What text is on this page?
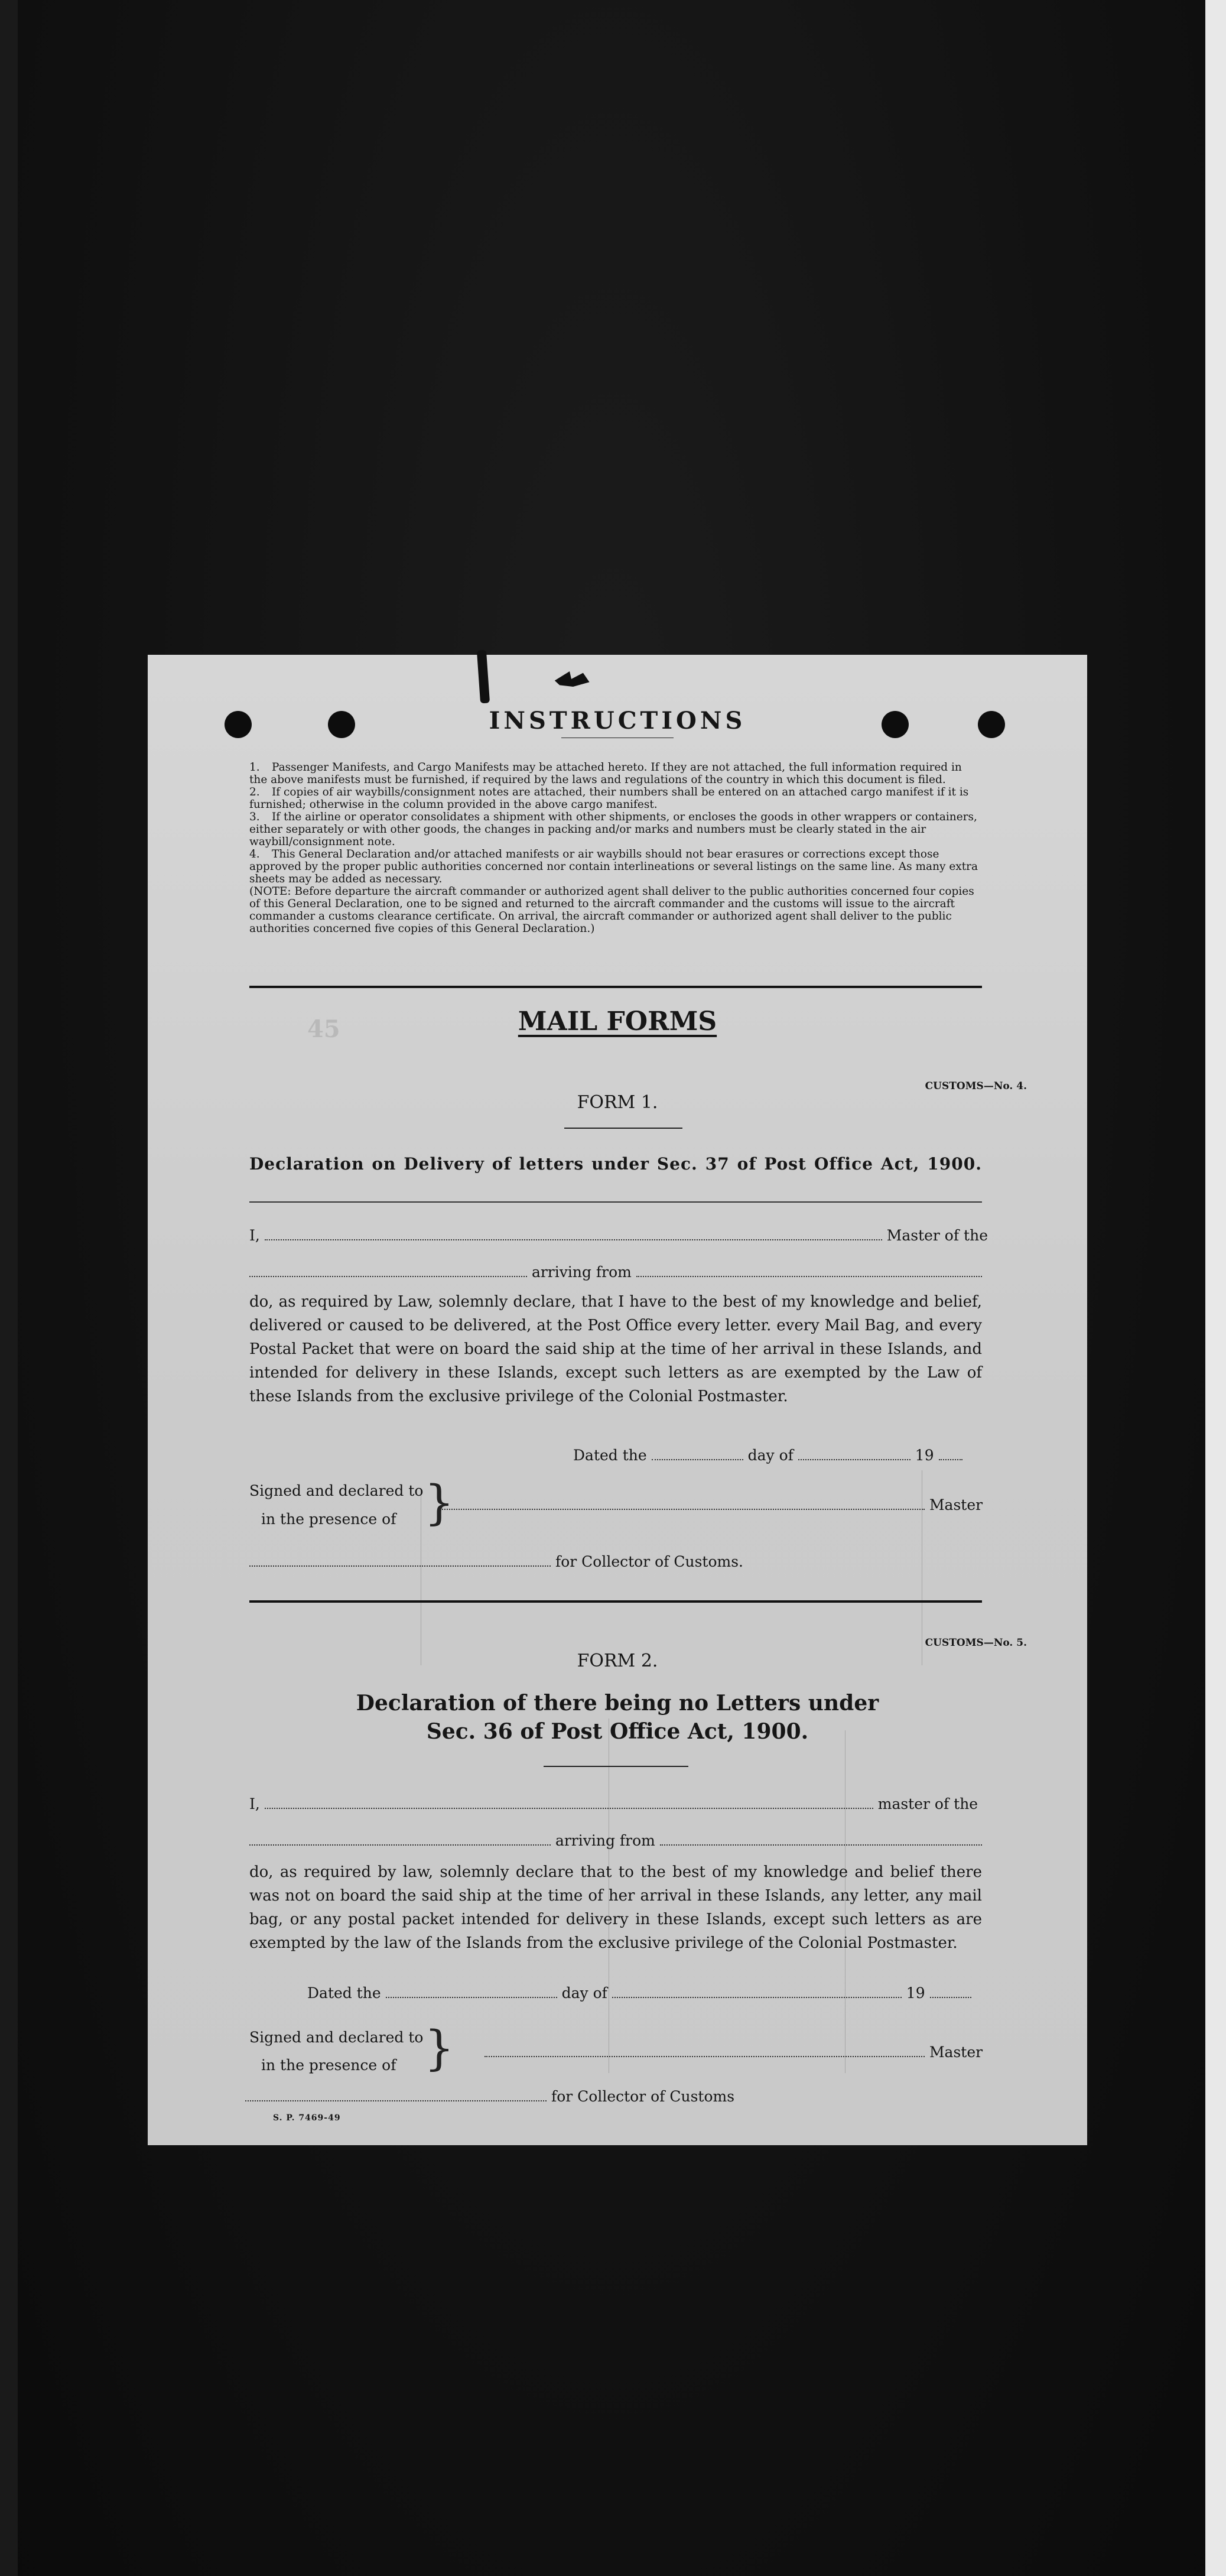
45
INSTRUCTIONS
1. Passenger Manifests, and Cargo Manifests may be attached hereto. If they are not attached, the full information required in the above manifests must be furnished, if required by the laws and regulations of the country in which this document is filed.
2. If copies of air waybills/consignment notes are attached, their numbers shall be entered on an attached cargo manifest if it is furnished; otherwise in the column provided in the above cargo manifest.
3. If the airline or operator consolidates a shipment with other shipments, or encloses the goods in other wrappers or containers, either separately or with other goods, the changes in packing and/or marks and numbers must be clearly stated in the air waybill/consignment note.
4. This General Declaration and/or attached manifests or air waybills should not bear erasures or corrections except those approved by the proper public authorities concerned nor contain interlineations or several listings on the same line. As many extra sheets may be added as necessary.
(NOTE: Before departure the aircraft commander or authorized agent shall deliver to the public authorities concerned four copies of this General Declaration, one to be signed and returned to the aircraft commander and the customs will issue to the aircraft commander a customs clearance certificate. On arrival, the aircraft commander or authorized agent shall deliver to the public authorities concerned five copies of this General Declaration.)
MAIL FORMS
CUSTOMS—No. 4.
FORM 1.
Declaration on Delivery of letters under Sec. 37 of Post Office Act, 1900.
I,	Master of the
arriving from
do, as required by Law, solemnly declare, that I have to the best of my knowledge and belief, delivered or caused to be delivered, at the Post Office every letter. every Mail Bag, and every Postal Packet that were on board the said ship at the time of her arrival in these Islands, and intended for delivery in these Islands, except such letters as are exempted by the Law of these Islands from the exclusive privilege of the Colonial Postmaster.
Dated the	day of	19
Signed and declared to
in the presence of }	Master
for Collector of Customs.
CUSTOMS—No. 5.
FORM 2.
Declaration of there being no Letters under
Sec. 36 of Post Office Act, 1900.
I,	master of the
arriving from
do, as required by law, solemnly declare that to the best of my knowledge and belief there was not on board the said ship at the time of her arrival in these Islands, any letter, any mail bag, or any postal packet intended for delivery in these Islands, except such letters as are exempted by the law of the Islands from the exclusive privilege of the Colonial Postmaster.
Dated the	day of	19
Signed and declared to
in the presence of }	Master
for Collector of Customs
S. P. 7469-49
